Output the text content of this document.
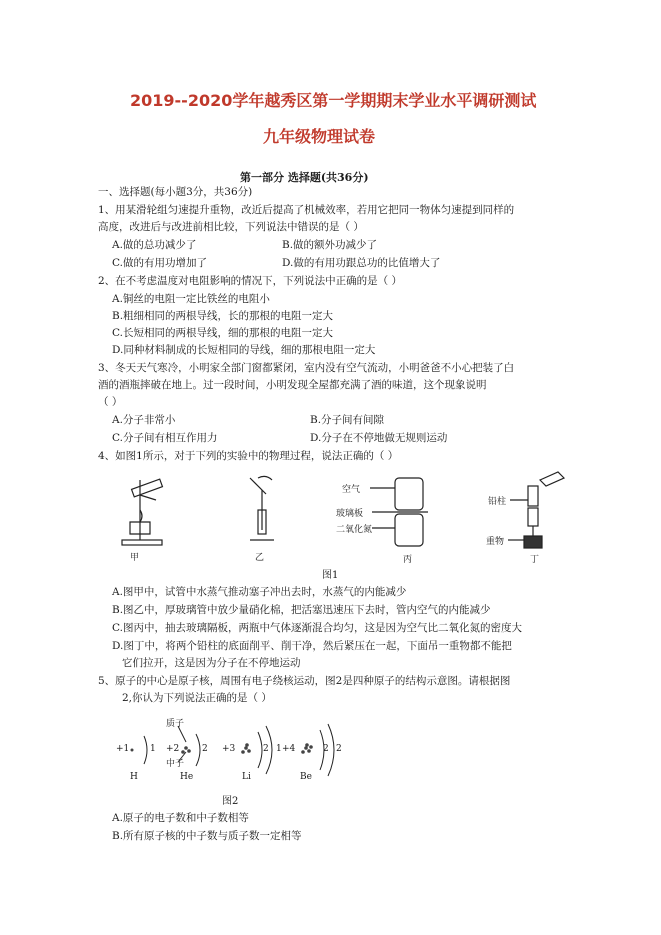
2019--2020学年越秀区第一学期期末学业水平调研测试
九年级物理试卷
第一部分 选择题(共36分)
一、选择题(每小题3分，共36分)
1、用某滑轮组匀速提升重物，改近后提高了机械效率，若用它把同一物体匀速提到同样的
高度，改进后与改进前相比较，下列说法中错误的是（ ）
A.做的总功减少了	B.做的额外功减少了
C.做的有用功增加了	D.做的有用功跟总功的比值增大了
2、在不考虑温度对电阻影响的情况下，下列说法中正确的是（ ）
A.铜丝的电阻一定比铁丝的电阻小
B.粗细相同的两根导线，长的那根的电阻一定大
C.长短相同的两根导线，细的那根的电阻一定大
D.同种材料制成的长短相同的导线，细的那根电阻一定大
3、冬天天气寒冷，小明家全部门窗都紧闭，室内没有空气流动，小明爸爸不小心把装了白
酒的酒瓶摔破在地上。过一段时间，小明发现全屋都充满了酒的味道，这个现象说明
（ ）
A.分子非常小	B.分子间有间隙
C.分子间有相互作用力	D.分子在不停地做无规则运动
4、如图1所示，对于下列的实验中的物理过程，说法正确的（ ）
甲	乙	丙	丁
空气
玻璃板
二氧化氮
铅柱
重物
图1
A.图甲中，试管中水蒸气推动塞子冲出去时，水蒸气的内能减少
B.图乙中，厚玻璃管中放少量硝化棉，把活塞迅速压下去时，管内空气的内能减少
C.图丙中，抽去玻璃隔板，两瓶中气体逐渐混合均匀，这是因为空气比二氧化氮的密度大
D.图丁中，将两个铅柱的底面削平、削干净，然后紧压在一起，下面吊一重物都不能把
它们拉开，这是因为分子在不停地运动
5、原子的中心是原子核，周围有电子绕核运动，图2是四种原子的结构示意图。请根据图
2,你认为下列说法正确的是（ ）
质子
中子
+1 1 +2	2 +3	2 1 +4	2 2
H	He	Li	Be
图2
A.原子的电子数和中子数相等
B.所有原子核的中子数与质子数一定相等
